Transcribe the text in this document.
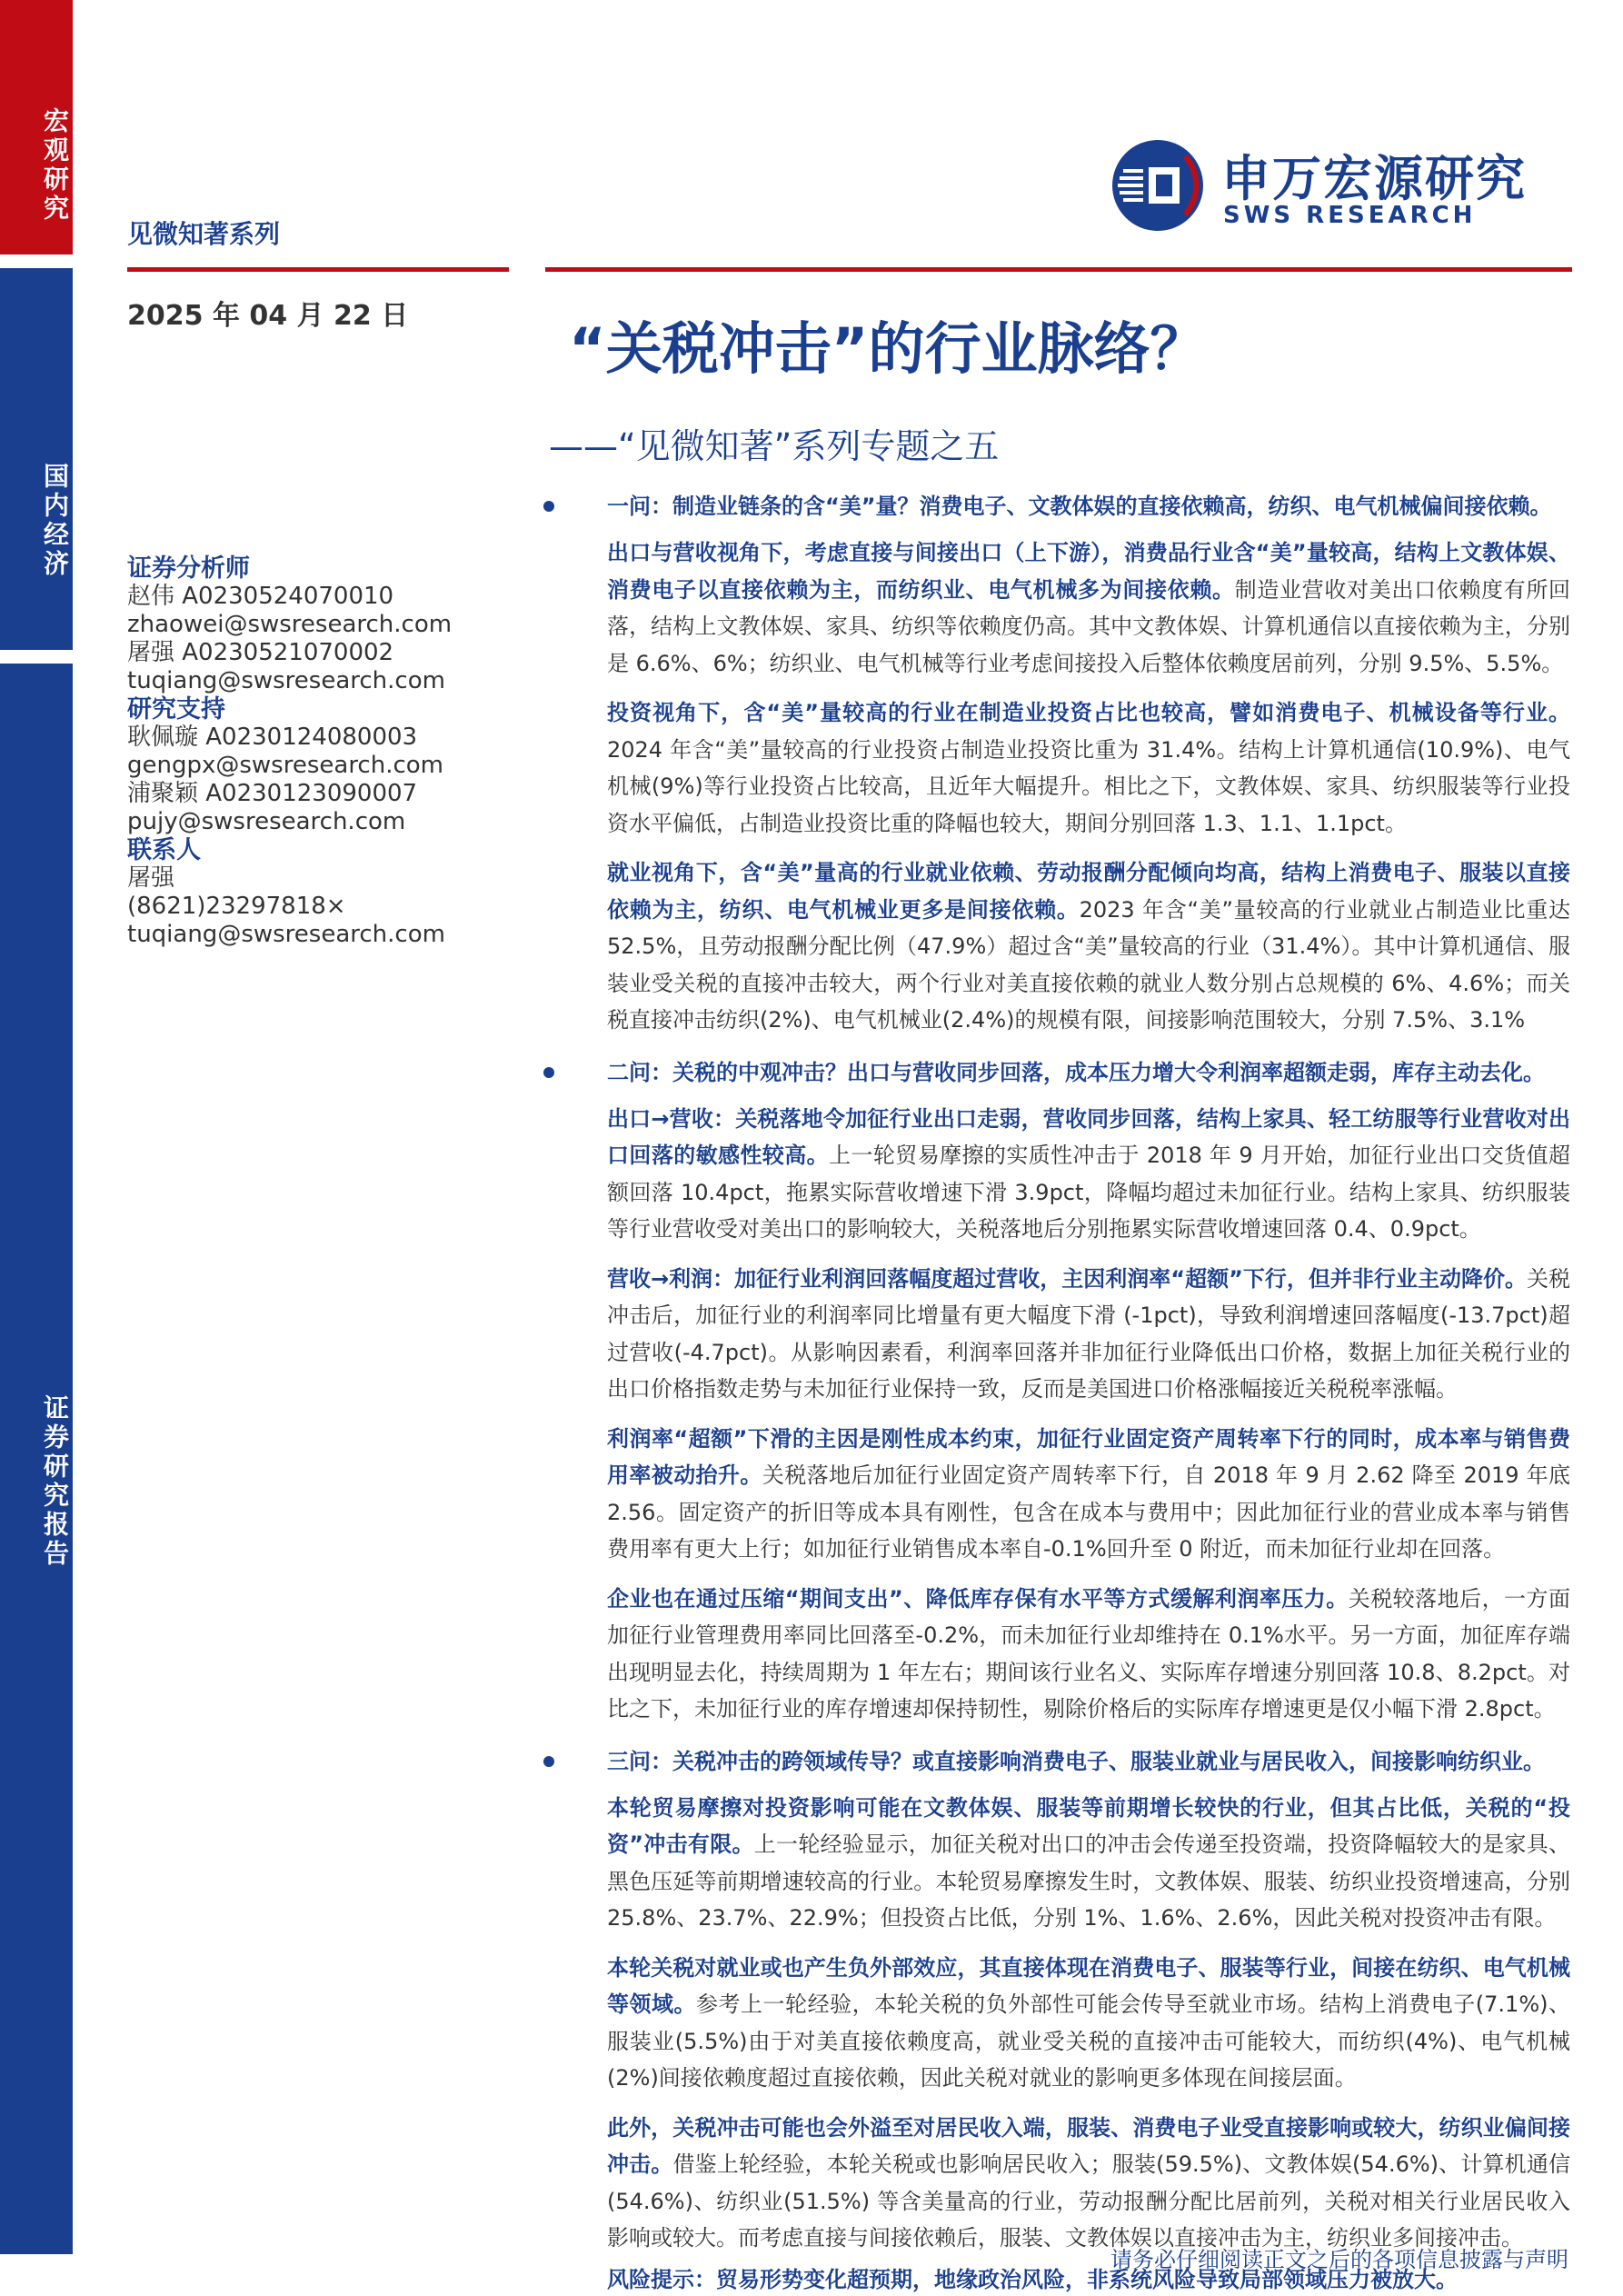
宏观研究
国内经济
证券研究报告
见微知著系列
申万宏源研究
SWS RESEARCH
2025 年 04 月 22 日	“关税冲击”的行业脉络？
——“见微知著”系列专题之五
证券分析师
赵伟 A0230524070010
zhaowei@swsresearch.com
屠强 A0230521070002
tuqiang@swsresearch.com
研究支持
耿佩璇 A0230124080003
gengpx@swsresearch.com
浦聚颖 A0230123090007
pujy@swsresearch.com
联系人
屠强
(8621)23297818×
tuqiang@swsresearch.com
一问：制造业链条的含“美”量？消费电子、文教体娱的直接依赖高，纺织、电气机械偏间接依赖。

出口与营收视角下，考虑直接与间接出口（上下游），消费品行业含“美”量较高，结构上文教体娱、消费电子以直接依赖为主，而纺织业、电气机械多为间接依赖。制造业营收对美出口依赖度有所回落，结构上文教体娱、家具、纺织等依赖度仍高。其中文教体娱、计算机通信以直接依赖为主，分别是 6.6%、6%；纺织业、电气机械等行业考虑间接投入后整体依赖度居前列，分别 9.5%、5.5%。

投资视角下，含“美”量较高的行业在制造业投资占比也较高，譬如消费电子、机械设备等行业。2024 年含“美”量较高的行业投资占制造业投资比重为 31.4%。结构上计算机通信(10.9%)、电气机械(9%)等行业投资占比较高，且近年大幅提升。相比之下，文教体娱、家具、纺织服装等行业投资水平偏低，占制造业投资比重的降幅也较大，期间分别回落 1.3、1.1、1.1pct。

就业视角下，含“美”量高的行业就业依赖、劳动报酬分配倾向均高，结构上消费电子、服装以直接依赖为主，纺织、电气机械业更多是间接依赖。2023 年含“美”量较高的行业就业占制造业比重达 52.5%，且劳动报酬分配比例（47.9%）超过含“美”量较高的行业（31.4%）。其中计算机通信、服装业受关税的直接冲击较大，两个行业对美直接依赖的就业人数分别占总规模的 6%、4.6%；而关税直接冲击纺织(2%)、电气机械业(2.4%)的规模有限，间接影响范围较大，分别 7.5%、3.1%

二问：关税的中观冲击？出口与营收同步回落，成本压力增大令利润率超额走弱，库存主动去化。

出口→营收：关税落地令加征行业出口走弱，营收同步回落，结构上家具、轻工纺服等行业营收对出口回落的敏感性较高。上一轮贸易摩擦的实质性冲击于 2018 年 9 月开始，加征行业出口交货值超额回落 10.4pct，拖累实际营收增速下滑 3.9pct，降幅均超过未加征行业。结构上家具、纺织服装等行业营收受对美出口的影响较大，关税落地后分别拖累实际营收增速回落 0.4、0.9pct。

营收→利润：加征行业利润回落幅度超过营收，主因利润率“超额”下行，但并非行业主动降价。关税冲击后，加征行业的利润率同比增量有更大幅度下滑 (-1pct)，导致利润增速回落幅度(-13.7pct)超过营收(-4.7pct)。从影响因素看，利润率回落并非加征行业降低出口价格，数据上加征关税行业的出口价格指数走势与未加征行业保持一致，反而是美国进口价格涨幅接近关税税率涨幅。

利润率“超额”下滑的主因是刚性成本约束，加征行业固定资产周转率下行的同时，成本率与销售费用率被动抬升。关税落地后加征行业固定资产周转率下行，自 2018 年 9 月 2.62 降至 2019 年底 2.56。固定资产的折旧等成本具有刚性，包含在成本与费用中；因此加征行业的营业成本率与销售费用率有更大上行；如加征行业销售成本率自-0.1%回升至 0 附近，而未加征行业却在回落。

企业也在通过压缩“期间支出”、降低库存保有水平等方式缓解利润率压力。关税较落地后，一方面加征行业管理费用率同比回落至-0.2%，而未加征行业却维持在 0.1%水平。另一方面，加征库存端出现明显去化，持续周期为 1 年左右；期间该行业名义、实际库存增速分别回落 10.8、8.2pct。对比之下，未加征行业的库存增速却保持韧性，剔除价格后的实际库存增速更是仅小幅下滑 2.8pct。

三问：关税冲击的跨领域传导？或直接影响消费电子、服装业就业与居民收入，间接影响纺织业。

本轮贸易摩擦对投资影响可能在文教体娱、服装等前期增长较快的行业，但其占比低，关税的“投资”冲击有限。上一轮经验显示，加征关税对出口的冲击会传递至投资端，投资降幅较大的是家具、黑色压延等前期增速较高的行业。本轮贸易摩擦发生时，文教体娱、服装、纺织业投资增速高，分别 25.8%、23.7%、22.9%；但投资占比低，分别 1%、1.6%、2.6%，因此关税对投资冲击有限。

本轮关税对就业或也产生负外部效应，其直接体现在消费电子、服装等行业，间接在纺织、电气机械等领域。参考上一轮经验，本轮关税的负外部性可能会传导至就业市场。结构上消费电子(7.1%)、服装业(5.5%)由于对美直接依赖度高，就业受关税的直接冲击可能较大，而纺织(4%)、电气机械(2%)间接依赖度超过直接依赖，因此关税对就业的影响更多体现在间接层面。

此外，关税冲击可能也会外溢至对居民收入端，服装、消费电子业受直接影响或较大，纺织业偏间接冲击。借鉴上轮经验，本轮关税或也影响居民收入；服装(59.5%)、文教体娱(54.6%)、计算机通信(54.6%)、纺织业(51.5%) 等含美量高的行业，劳动报酬分配比居前列，关税对相关行业居民收入影响或较大。而考虑直接与间接依赖后，服装、文教体娱以直接冲击为主，纺织业多间接冲击。

风险提示：贸易形势变化超预期，地缘政治风险，非系统风险导致局部领域压力被放大。

请务必仔细阅读正文之后的各项信息披露与声明
